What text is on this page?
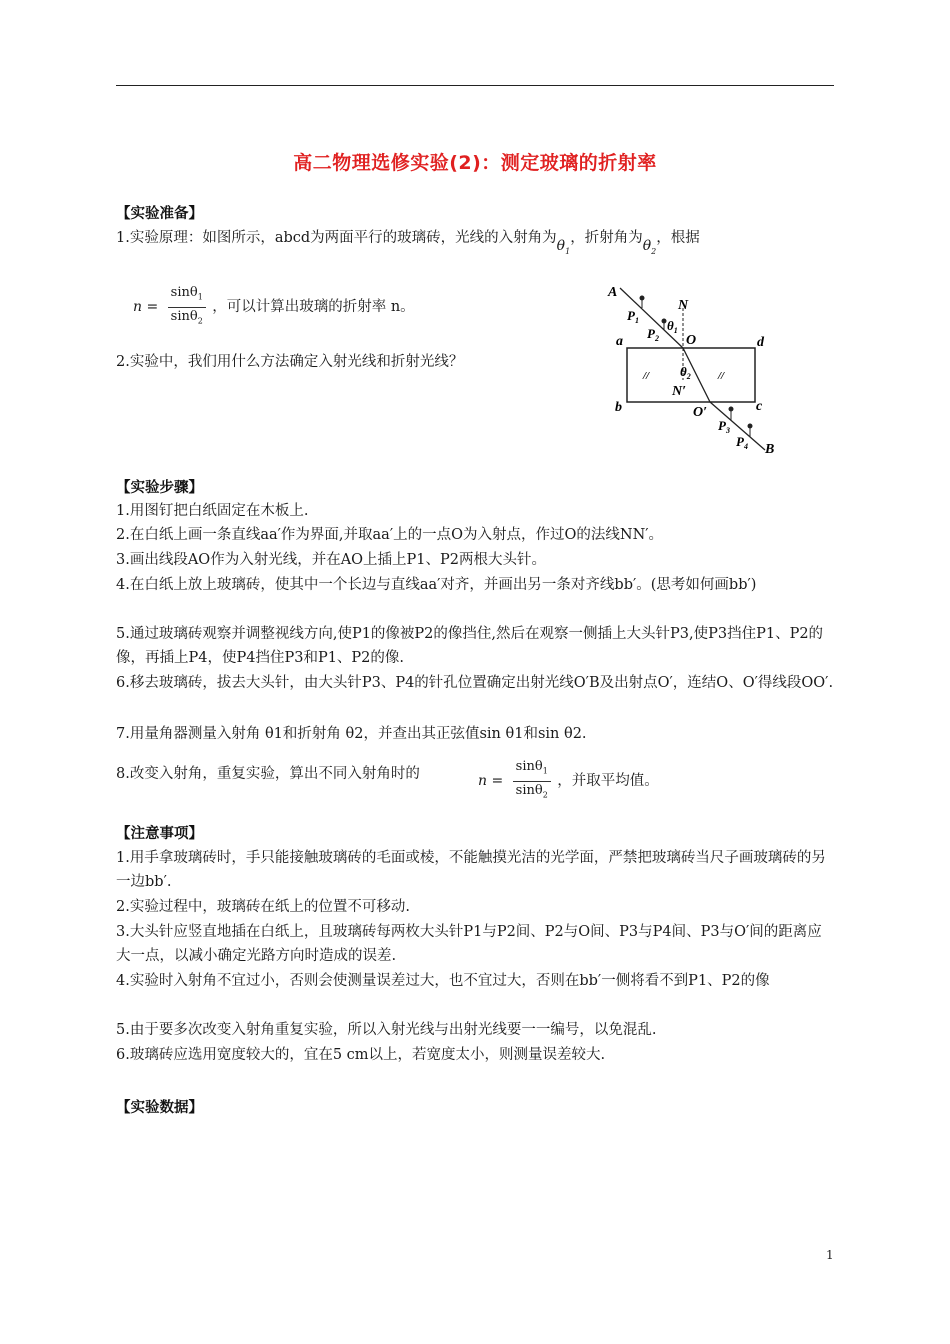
高二物理选修实验(2)：测定玻璃的折射率
【实验准备】
1.实验原理：如图所示，abcd为两面平行的玻璃砖，光线的入射角为$\theta_1$，折射角为$\theta_2$，根据
$n = \frac{\sin\theta_1}{\sin\theta_2}$ ，可以计算出玻璃的折射率 n。
2.实验中，我们用什么方法确定入射光线和折射光线？
A
N
$P_1$
$P_2$
$\theta_1$
O
a	d
$\theta_2$
N′
b	O′	c
$P_3$
$P_4$ B
//	//
【实验步骤】
1.用图钉把白纸固定在木板上.
2.在白纸上画一条直线aa′作为界面,并取aa′上的一点O为入射点，作过O的法线NN′。
3.画出线段AO作为入射光线，并在AO上插上P1、P2两根大头针。
4.在白纸上放上玻璃砖，使其中一个长边与直线aa′对齐，并画出另一条对齐线bb′。(思考如何画bb′)
5.通过玻璃砖观察并调整视线方向,使P1的像被P2的像挡住,然后在观察一侧插上大头针P3,使P3挡住P1、P2的像，再插上P4，使P4挡住P3和P1、P2的像.
6.移去玻璃砖，拔去大头针，由大头针P3、P4的针孔位置确定出射光线O′B及出射点O′，连结O、O′得线段OO′.
7.用量角器测量入射角 θ1和折射角 θ2，并查出其正弦值sin θ1和sin θ2.
8.改变入射角，重复实验，算出不同入射角时的	$n = \frac{\sin\theta_1}{\sin\theta_2}$ ，并取平均值。
【注意事项】
1.用手拿玻璃砖时，手只能接触玻璃砖的毛面或棱，不能触摸光洁的光学面，严禁把玻璃砖当尺子画玻璃砖的另一边bb′.
2.实验过程中，玻璃砖在纸上的位置不可移动.
3.大头针应竖直地插在白纸上，且玻璃砖每两枚大头针P1与P2间、P2与O间、P3与P4间、P3与O′间的距离应大一点，以减小确定光路方向时造成的误差.
4.实验时入射角不宜过小，否则会使测量误差过大，也不宜过大，否则在bb′一侧将看不到P1、P2的像
5.由于要多次改变入射角重复实验，所以入射光线与出射光线要一一编号，以免混乱.
6.玻璃砖应选用宽度较大的，宜在5 cm以上，若宽度太小，则测量误差较大.
【实验数据】
1
